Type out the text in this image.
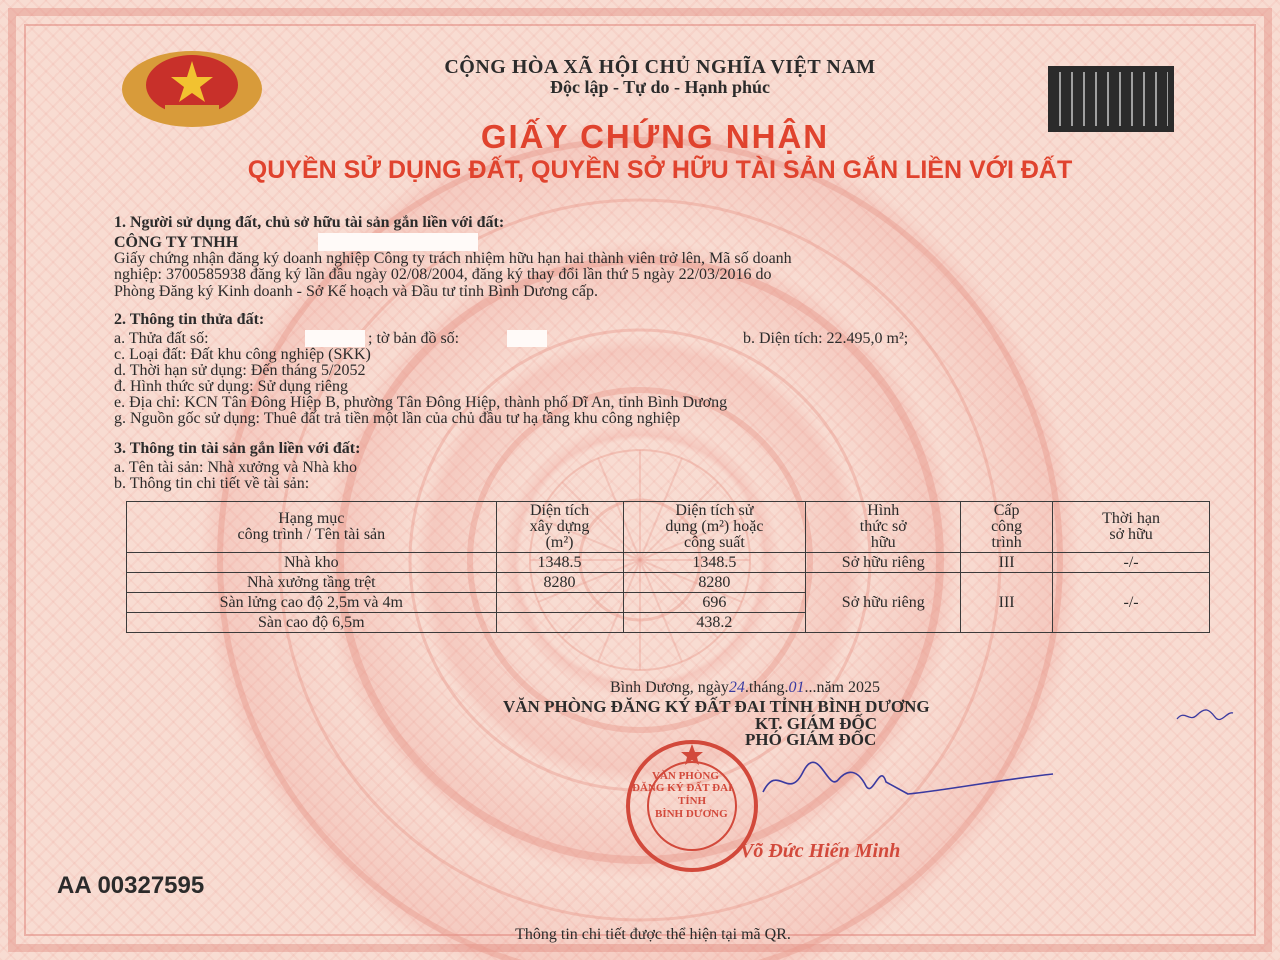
CỘNG HÒA XÃ HỘI CHỦ NGHĨA VIỆT NAM
Độc lập - Tự do - Hạnh phúc
GIẤY CHỨNG NHẬN
QUYỀN SỬ DỤNG ĐẤT, QUYỀN SỞ HỮU TÀI SẢN GẮN LIỀN VỚI ĐẤT
1. Người sử dụng đất, chủ sở hữu tài sản gắn liền với đất:
CÔNG TY TNHH
Giấy chứng nhận đăng ký doanh nghiệp Công ty trách nhiệm hữu hạn hai thành viên trở lên, Mã số doanh
nghiệp: 3700585938 đăng ký lần đầu ngày 02/08/2004, đăng ký thay đổi lần thứ 5 ngày 22/03/2016 do
Phòng Đăng ký Kinh doanh - Sở Kế hoạch và Đầu tư tỉnh Bình Dương cấp.
2. Thông tin thửa đất:
a. Thửa đất số:	; tờ bản đồ số:	b. Diện tích: 22.495,0 m²;
c. Loại đất: Đất khu công nghiệp (SKK)
d. Thời hạn sử dụng: Đến tháng 5/2052
đ. Hình thức sử dụng: Sử dụng riêng
e. Địa chỉ: KCN Tân Đông Hiệp B, phường Tân Đông Hiệp, thành phố Dĩ An, tỉnh Bình Dương
g. Nguồn gốc sử dụng: Thuê đất trả tiền một lần của chủ đầu tư hạ tầng khu công nghiệp
3. Thông tin tài sản gắn liền với đất:
a. Tên tài sản: Nhà xưởng và Nhà kho
b. Thông tin chi tiết về tài sản:
Hạng mục
công trình / Tên tài sản	Diện tích
xây dựng
(m²)	Diện tích sử
dụng (m²) hoặc
công suất	Hình
thức sở
hữu	Cấp
công
trình	Thời hạn
sở hữu
Nhà kho	1348.5	1348.5	Sở hữu riêng	III	-/-
Nhà xưởng tầng trệt	8280	8280	Sở hữu riêng	III	-/-
Sàn lửng cao độ 2,5m và 4m		696			
Sàn cao độ 6,5m		438.2			
Bình Dương, ngày24.tháng.01...năm 2025
VĂN PHÒNG ĐĂNG KÝ ĐẤT ĐAI TỈNH BÌNH DƯƠNG
KT. GIÁM ĐỐC
PHÓ GIÁM ĐỐC
VĂN PHÒNG
ĐĂNG KÝ ĐẤT ĐAI
TỈNH
BÌNH DƯƠNG
Võ Đức Hiến Minh
AA 00327595
Thông tin chi tiết được thể hiện tại mã QR.
